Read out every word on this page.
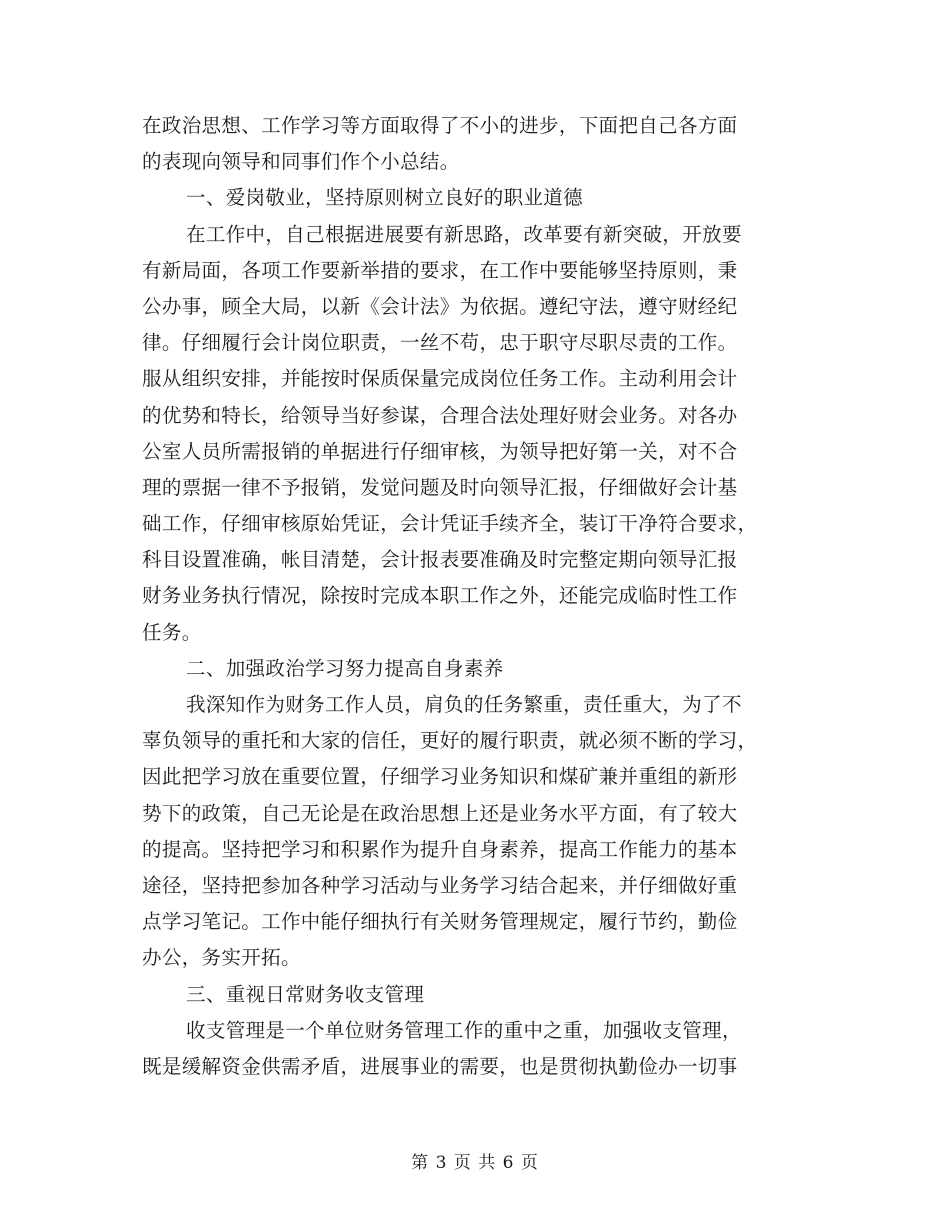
在政治思想、工作学习等方面取得了不小的进步，下面把自己各方面
的表现向领导和同事们作个小总结。
一、爱岗敬业，坚持原则树立良好的职业道德
在工作中，自己根据进展要有新思路，改革要有新突破，开放要
有新局面，各项工作要新举措的要求，在工作中要能够坚持原则，秉
公办事，顾全大局，以新《会计法》为依据。遵纪守法，遵守财经纪
律。仔细履行会计岗位职责，一丝不苟，忠于职守尽职尽责的工作。
服从组织安排，并能按时保质保量完成岗位任务工作。主动利用会计
的优势和特长，给领导当好参谋，合理合法处理好财会业务。对各办
公室人员所需报销的单据进行仔细审核，为领导把好第一关，对不合
理的票据一律不予报销，发觉问题及时向领导汇报，仔细做好会计基
础工作，仔细审核原始凭证，会计凭证手续齐全，装订干净符合要求，
科目设置准确，帐目清楚，会计报表要准确及时完整定期向领导汇报
财务业务执行情况，除按时完成本职工作之外，还能完成临时性工作
任务。
二、加强政治学习努力提高自身素养
我深知作为财务工作人员，肩负的任务繁重，责任重大，为了不
辜负领导的重托和大家的信任，更好的履行职责，就必须不断的学习，
因此把学习放在重要位置，仔细学习业务知识和煤矿兼并重组的新形
势下的政策，自己无论是在政治思想上还是业务水平方面，有了较大
的提高。坚持把学习和积累作为提升自身素养，提高工作能力的基本
途径，坚持把参加各种学习活动与业务学习结合起来，并仔细做好重
点学习笔记。工作中能仔细执行有关财务管理规定，履行节约，勤俭
办公，务实开拓。
三、重视日常财务收支管理
收支管理是一个单位财务管理工作的重中之重，加强收支管理，
既是缓解资金供需矛盾，进展事业的需要，也是贯彻执勤俭办一切事
第 3 页 共 6 页
